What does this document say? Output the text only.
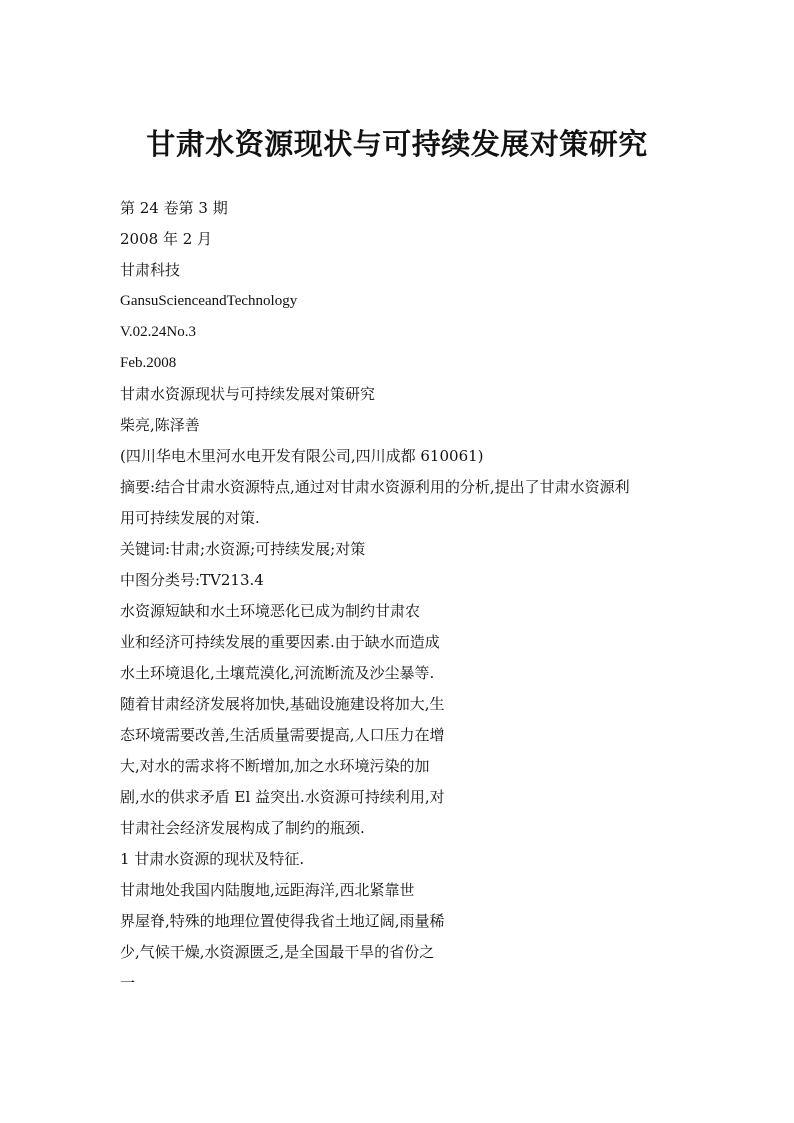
甘肃水资源现状与可持续发展对策研究
第 24 卷第 3 期
2008 年 2 月
甘肃科技
GansuScienceandTechnology
V.02.24No.3
Feb.2008
甘肃水资源现状与可持续发展对策研究
柴亮,陈泽善
(四川华电木里河水电开发有限公司,四川成都 610061)
摘要:结合甘肃水资源特点,通过对甘肃水资源利用的分析,提出了甘肃水资源利
用可持续发展的对策.
关键词:甘肃;水资源;可持续发展;对策
中图分类号:TV213.4
水资源短缺和水土环境恶化已成为制约甘肃农
业和经济可持续发展的重要因素.由于缺水而造成
水土环境退化,土壤荒漠化,河流断流及沙尘暴等.
随着甘肃经济发展将加快,基础设施建设将加大,生
态环境需要改善,生活质量需要提高,人口压力在增
大,对水的需求将不断增加,加之水环境污染的加
剧,水的供求矛盾 El 益突出.水资源可持续利用,对
甘肃社会经济发展构成了制约的瓶颈.
1 甘肃水资源的现状及特征.
甘肃地处我国内陆腹地,远距海洋,西北紧靠世
界屋脊,特殊的地理位置使得我省土地辽阔,雨量稀
少,气候干燥,水资源匮乏,是全国最干旱的省份之
一
